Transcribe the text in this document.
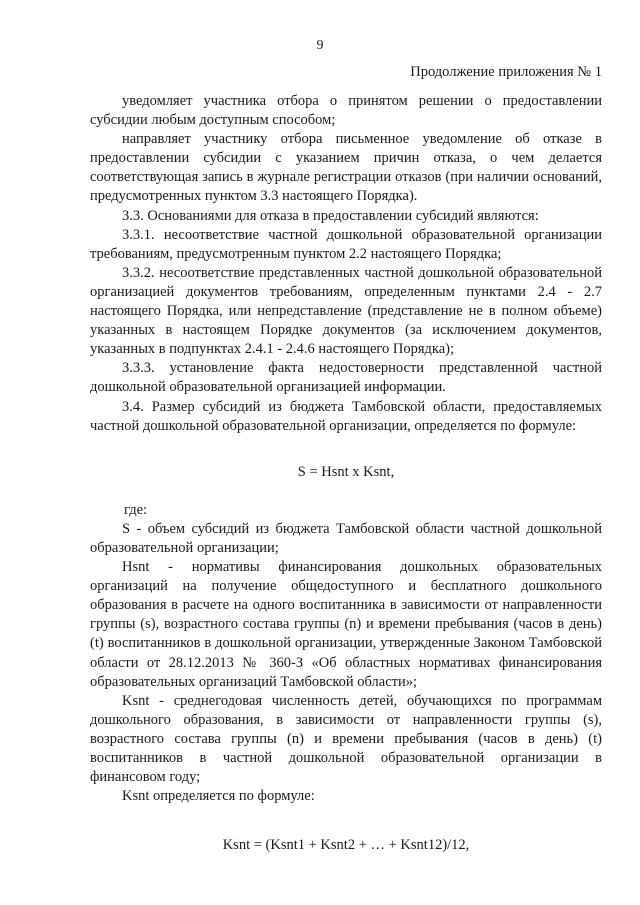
9
Продолжение приложения № 1

уведомляет участника отбора о принятом решении о предоставлении субсидии любым доступным способом;

направляет участнику отбора письменное уведомление об отказе в предоставлении субсидии с указанием причин отказа, о чем делается соответствующая запись в журнале регистрации отказов (при наличии оснований, предусмотренных пунктом 3.3 настоящего Порядка).

3.3. Основаниями для отказа в предоставлении субсидий являются:

3.3.1. несоответствие частной дошкольной образовательной организации требованиям, предусмотренным пунктом 2.2 настоящего Порядка;

3.3.2. несоответствие представленных частной дошкольной образовательной организацией документов требованиям, определенным пунктами 2.4 - 2.7 настоящего Порядка, или непредставление (представление не в полном объеме) указанных в настоящем Порядке документов (за исключением документов, указанных в подпунктах 2.4.1 - 2.4.6 настоящего Порядка);

3.3.3. установление факта недостоверности представленной частной дошкольной образовательной организацией информации.

3.4. Размер субсидий из бюджета Тамбовской области, предоставляемых частной дошкольной образовательной организации, определяется по формуле:

S = Hsnt x Ksnt,

где:

S - объем субсидий из бюджета Тамбовской области частной дошкольной образовательной организации;

Hsnt - нормативы финансирования дошкольных образовательных организаций на получение общедоступного и бесплатного дошкольного образования в расчете на одного воспитанника в зависимости от направленности группы (s), возрастного состава группы (n) и времени пребывания (часов в день) (t) воспитанников в дошкольной организации, утвержденные Законом Тамбовской области от 28.12.2013 № 360-З «Об областных нормативах финансирования образовательных организаций Тамбовской области»;

Ksnt - среднегодовая численность детей, обучающихся по программам дошкольного образования, в зависимости от направленности группы (s), возрастного состава группы (n) и времени пребывания (часов в день) (t) воспитанников в частной дошкольной образовательной организации в финансовом году;

Ksnt определяется по формуле:

Ksnt = (Ksnt1 + Ksnt2 + … + Ksnt12)/12,
